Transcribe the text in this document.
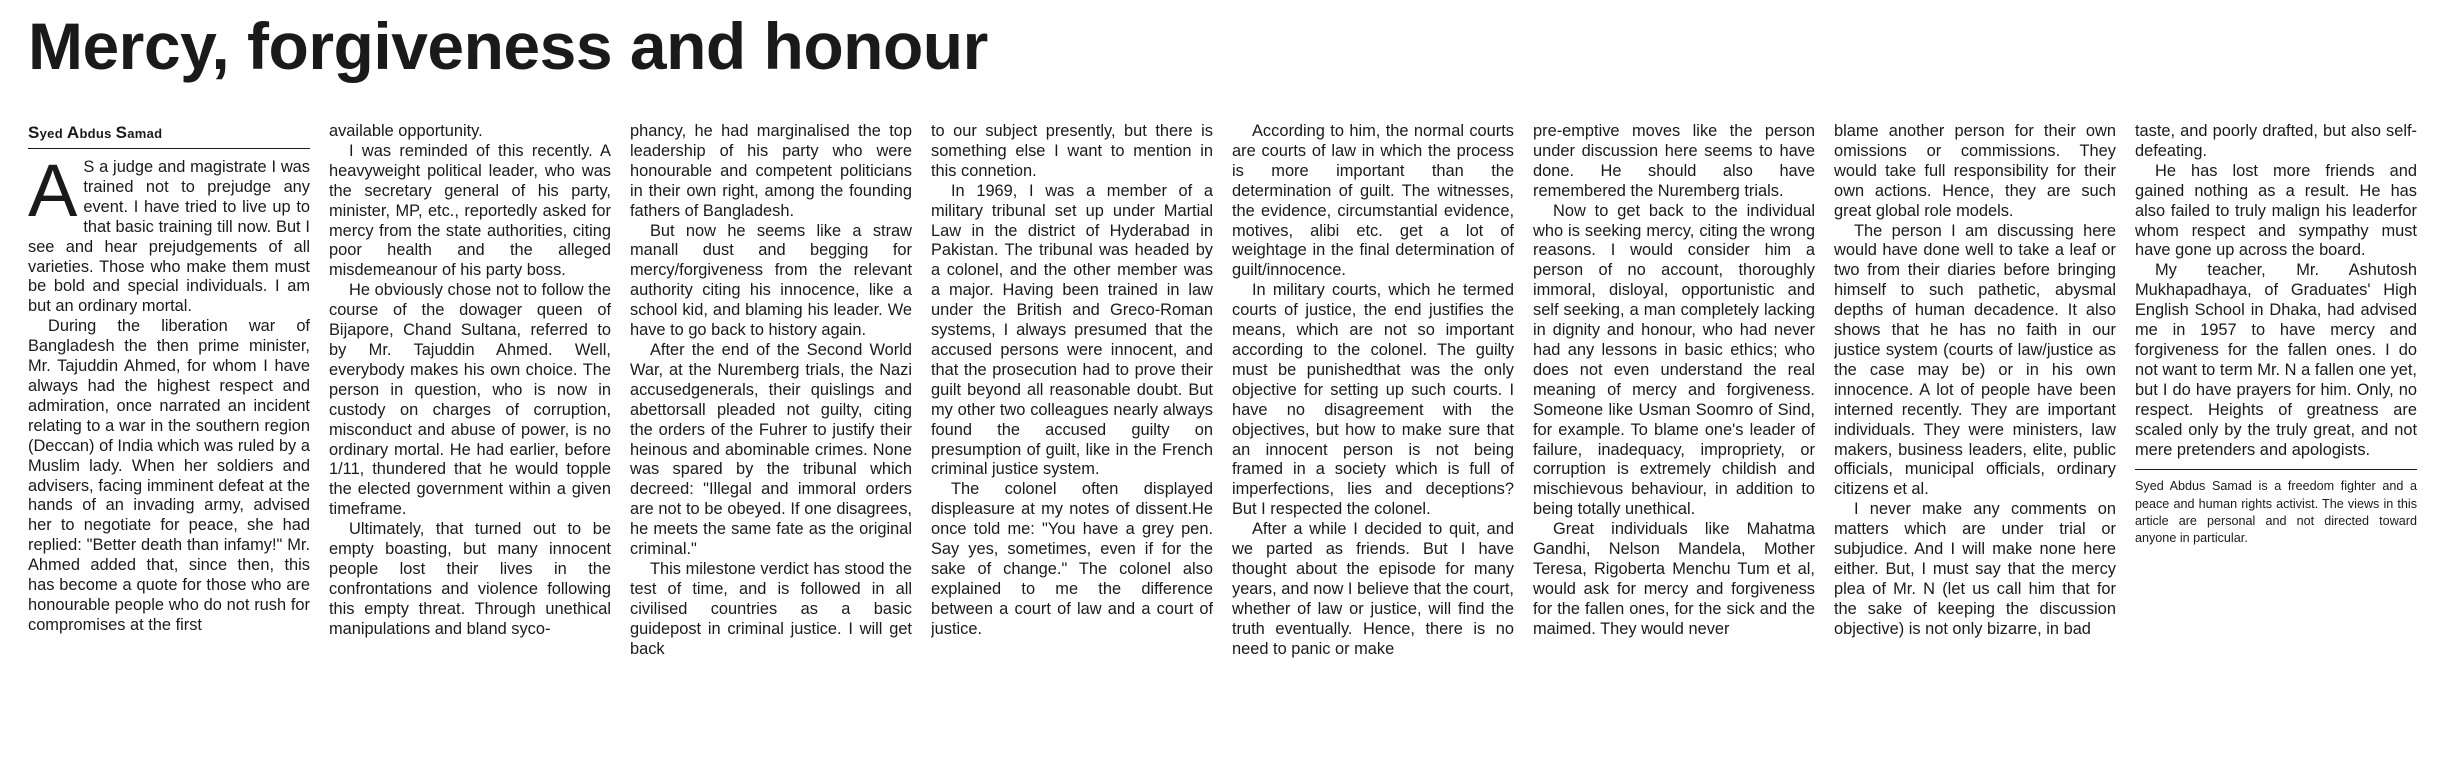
Mercy, forgiveness and honour
Syed Abdus Samad

A S a judge and magistrate I was trained not to prejudge any event. I have tried to live up to that basic training till now. But I see and hear prejudgements of all varieties. Those who make them must be bold and special individuals. I am but an ordinary mortal.

During the liberation war of Bangladesh the then prime minister, Mr. Tajuddin Ahmed, for whom I have always had the highest respect and admiration, once narrated an incident relating to a war in the southern region (Deccan) of India which was ruled by a Muslim lady. When her soldiers and advisers, facing imminent defeat at the hands of an invading army, advised her to negotiate for peace, she had replied: "Better death than infamy!" Mr. Ahmed added that, since then, this has become a quote for those who are honourable people who do not rush for compromises at the first

available opportunity.

I was reminded of this recently. A heavyweight political leader, who was the secretary general of his party, minister, MP, etc., reportedly asked for mercy from the state authorities, citing poor health and the alleged misdemeanour of his party boss.

He obviously chose not to follow the course of the dowager queen of Bijapore, Chand Sultana, referred to by Mr. Tajuddin Ahmed. Well, everybody makes his own choice. The person in question, who is now in custody on charges of corruption, misconduct and abuse of power, is no ordinary mortal. He had earlier, before 1/11, thundered that he would topple the elected government within a given timeframe.

Ultimately, that turned out to be empty boasting, but many innocent people lost their lives in the confrontations and violence following this empty threat. Through unethical manipulations and bland syco-

phancy, he had marginalised the top leadership of his party who were honourable and competent politicians in their own right, among the founding fathers of Bangladesh.

But now he seems like a straw manall dust and begging for mercy/forgiveness from the relevant authority citing his innocence, like a school kid, and blaming his leader. We have to go back to history again.

After the end of the Second World War, at the Nuremberg trials, the Nazi accusedgenerals, their quislings and abettorsall pleaded not guilty, citing the orders of the Fuhrer to justify their heinous and abominable crimes. None was spared by the tribunal which decreed: "Illegal and immoral orders are not to be obeyed. If one disagrees, he meets the same fate as the original criminal."

This milestone verdict has stood the test of time, and is followed in all civilised countries as a basic guidepost in criminal justice. I will get back

to our subject presently, but there is something else I want to mention in this connetion.

In 1969, I was a member of a military tribunal set up under Martial Law in the district of Hyderabad in Pakistan. The tribunal was headed by a colonel, and the other member was a major. Having been trained in law under the British and Greco-Roman systems, I always presumed that the accused persons were innocent, and that the prosecution had to prove their guilt beyond all reasonable doubt. But my other two colleagues nearly always found the accused guilty on presumption of guilt, like in the French criminal justice system.

The colonel often displayed displeasure at my notes of dissent.He once told me: "You have a grey pen. Say yes, sometimes, even if for the sake of change." The colonel also explained to me the difference between a court of law and a court of justice.

According to him, the normal courts are courts of law in which the process is more important than the determination of guilt. The witnesses, the evidence, circumstantial evidence, motives, alibi etc. get a lot of weightage in the final determination of guilt/innocence.

In military courts, which he termed courts of justice, the end justifies the means, which are not so important according to the colonel. The guilty must be punishedthat was the only objective for setting up such courts. I have no disagreement with the objectives, but how to make sure that an innocent person is not being framed in a society which is full of imperfections, lies and deceptions? But I respected the colonel.

After a while I decided to quit, and we parted as friends. But I have thought about the episode for many years, and now I believe that the court, whether of law or justice, will find the truth eventually. Hence, there is no need to panic or make

pre-emptive moves like the person under discussion here seems to have done. He should also have remembered the Nuremberg trials.

Now to get back to the individual who is seeking mercy, citing the wrong reasons. I would consider him a person of no account, thoroughly immoral, disloyal, opportunistic and self seeking, a man completely lacking in dignity and honour, who had never had any lessons in basic ethics; who does not even understand the real meaning of mercy and forgiveness. Someone like Usman Soomro of Sind, for example. To blame one's leader of failure, inadequacy, impropriety, or corruption is extremely childish and mischievous behaviour, in addition to being totally unethical.

Great individuals like Mahatma Gandhi, Nelson Mandela, Mother Teresa, Rigoberta Menchu Tum et al, would ask for mercy and forgiveness for the fallen ones, for the sick and the maimed. They would never

blame another person for their own omissions or commissions. They would take full responsibility for their own actions. Hence, they are such great global role models.

The person I am discussing here would have done well to take a leaf or two from their diaries before bringing himself to such pathetic, abysmal depths of human decadence. It also shows that he has no faith in our justice system (courts of law/justice as the case may be) or in his own innocence. A lot of people have been interned recently. They are important individuals. They were ministers, law makers, business leaders, elite, public officials, municipal officials, ordinary citizens et al.

I never make any comments on matters which are under trial or subjudice. And I will make none here either. But, I must say that the mercy plea of Mr. N (let us call him that for the sake of keeping the discussion objective) is not only bizarre, in bad

taste, and poorly drafted, but also self-defeating.

He has lost more friends and gained nothing as a result. He has also failed to truly malign his leaderfor whom respect and sympathy must have gone up across the board.

My teacher, Mr. Ashutosh Mukhapadhaya, of Graduates' High English School in Dhaka, had advised me in 1957 to have mercy and forgiveness for the fallen ones. I do not want to term Mr. N a fallen one yet, but I do have prayers for him. Only, no respect. Heights of greatness are scaled only by the truly great, and not mere pretenders and apologists.

Syed Abdus Samad is a freedom fighter and a peace and human rights activist. The views in this article are personal and not directed toward anyone in particular.
